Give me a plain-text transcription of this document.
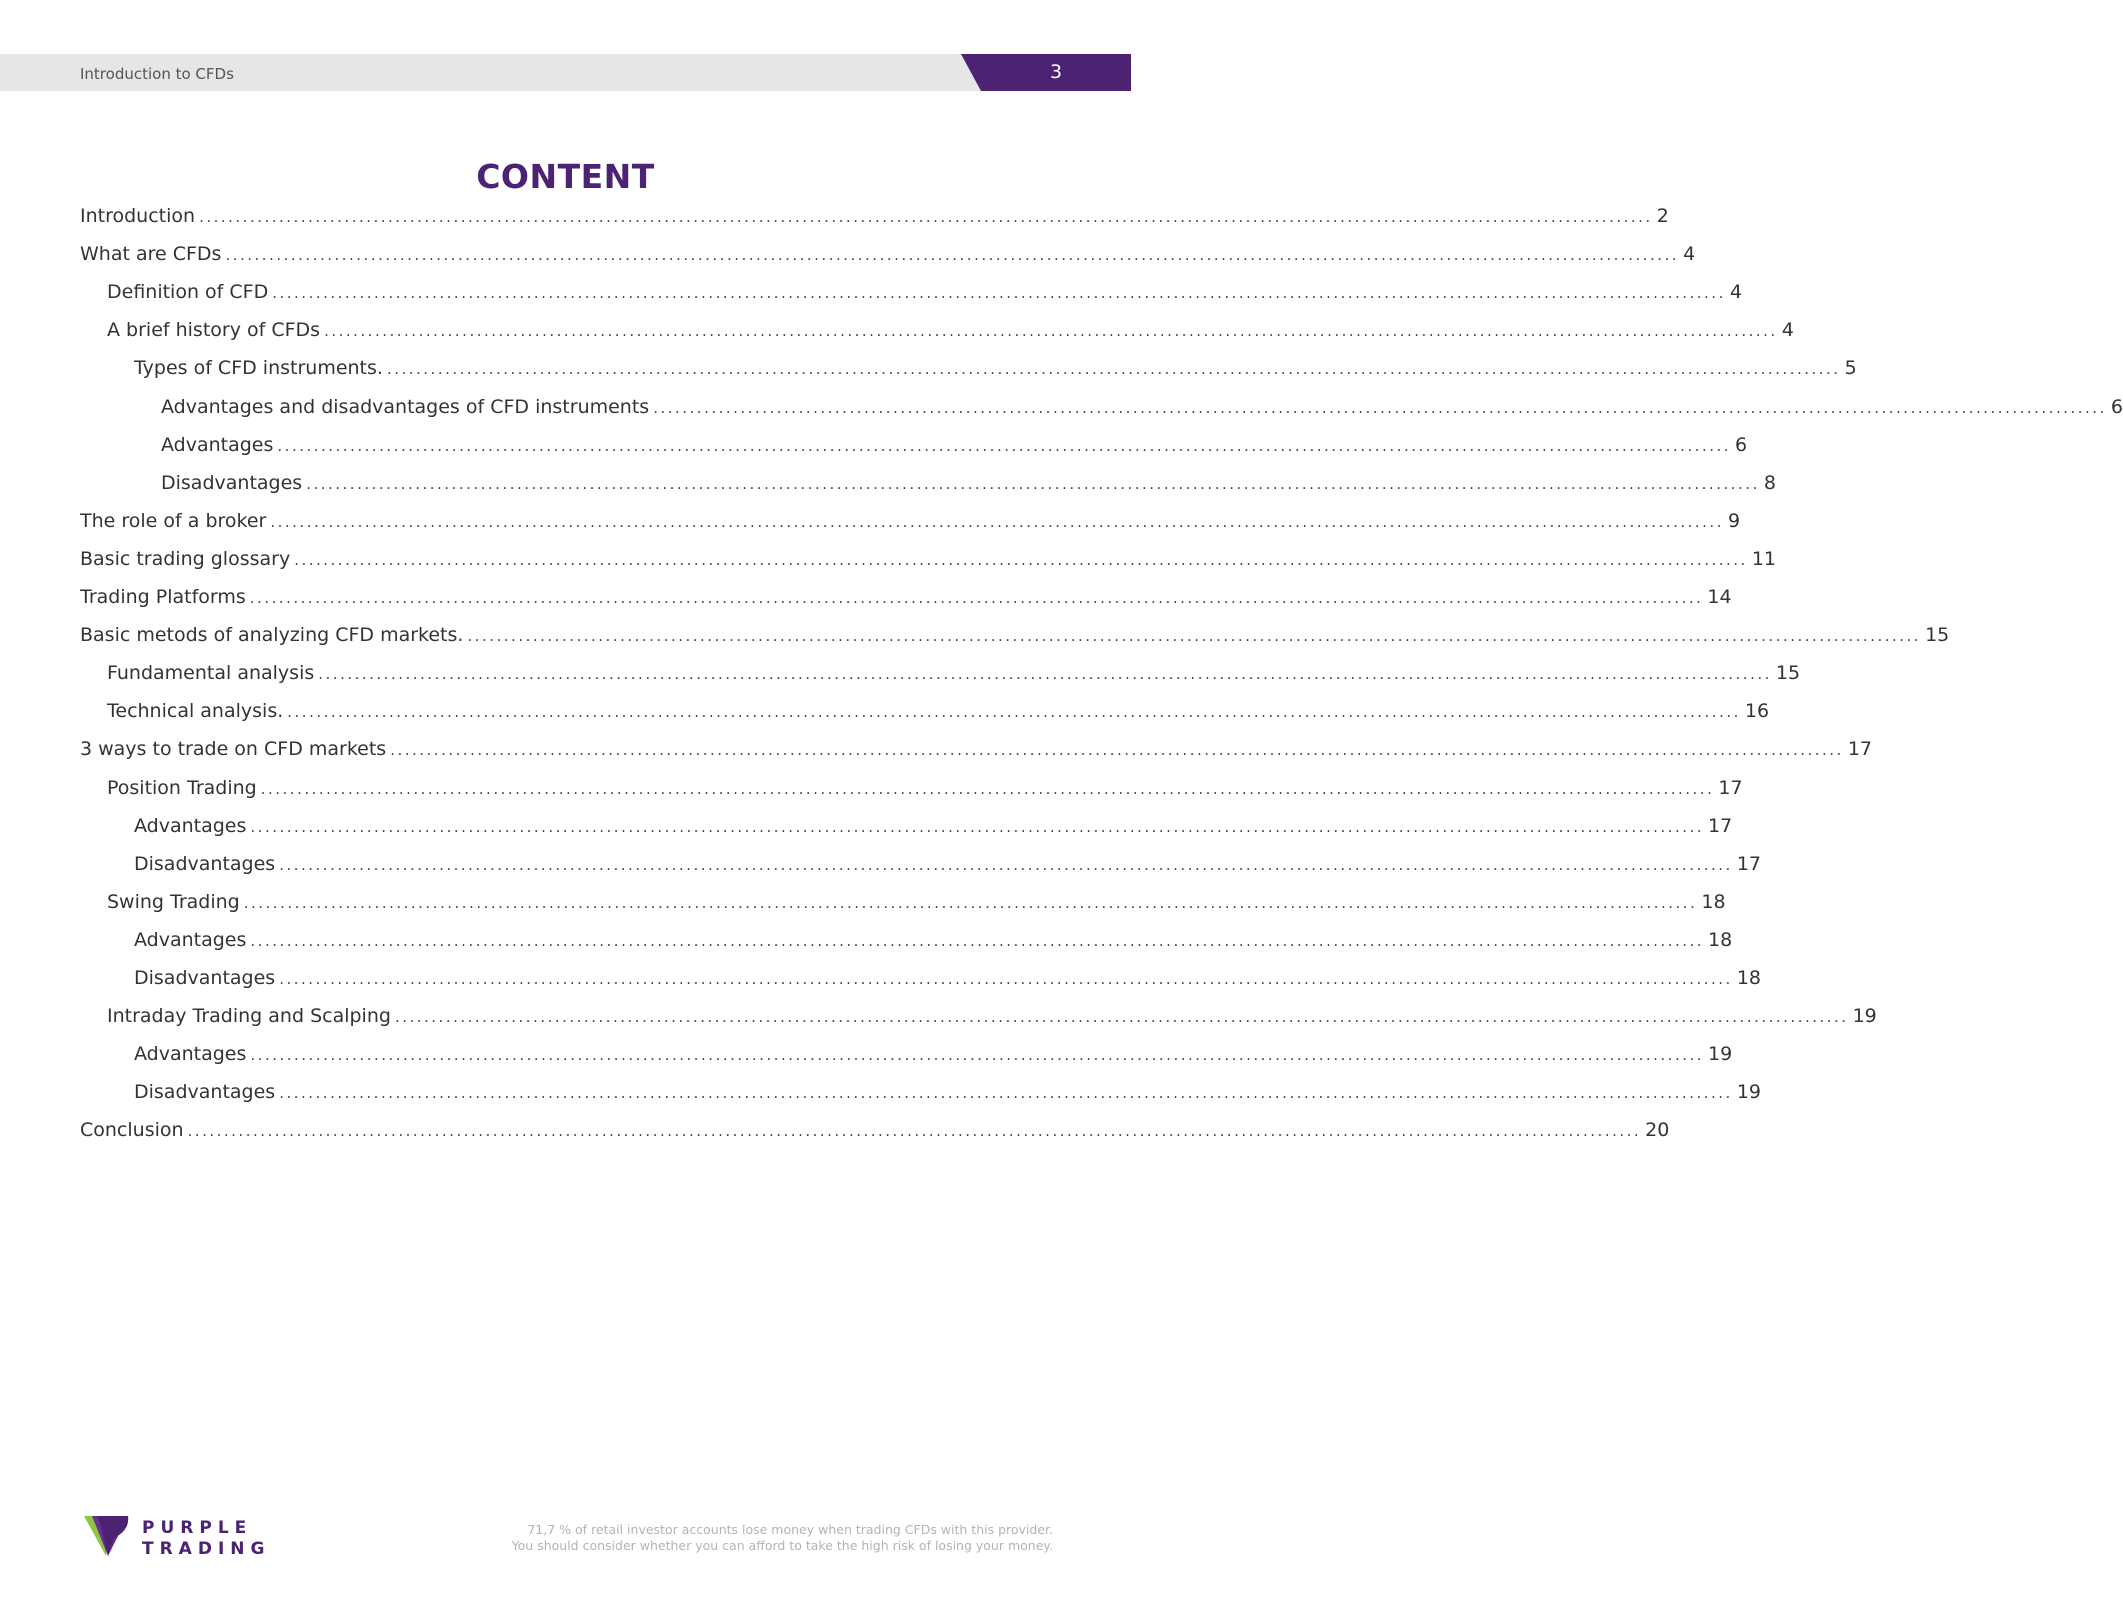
Introduction to CFDs	3
CONTENT
Introduction ........................................................................................................................................................................................................ 2
What are CFDs ........................................................................................................................................................................................................ 4
Definition of CFD ........................................................................................................................................................................................................ 4
A brief history of CFDs ........................................................................................................................................................................................................ 4
Types of CFD instruments. ........................................................................................................................................................................................................ 5
Advantages and disadvantages of CFD instruments ........................................................................................................................................................................................................ 6
Advantages ........................................................................................................................................................................................................ 6
Disadvantages ........................................................................................................................................................................................................ 8
The role of a broker ........................................................................................................................................................................................................ 9
Basic trading glossary ........................................................................................................................................................................................................ 11
Trading Platforms ........................................................................................................................................................................................................ 14
Basic metods of analyzing CFD markets. ........................................................................................................................................................................................................ 15
Fundamental analysis ........................................................................................................................................................................................................ 15
Technical analysis. ........................................................................................................................................................................................................ 16
3 ways to trade on CFD markets ........................................................................................................................................................................................................ 17
Position Trading ........................................................................................................................................................................................................ 17
Advantages ........................................................................................................................................................................................................ 17
Disadvantages ........................................................................................................................................................................................................ 17
Swing Trading ........................................................................................................................................................................................................ 18
Advantages ........................................................................................................................................................................................................ 18
Disadvantages ........................................................................................................................................................................................................ 18
Intraday Trading and Scalping ........................................................................................................................................................................................................ 19
Advantages ........................................................................................................................................................................................................ 19
Disadvantages ........................................................................................................................................................................................................ 19
Conclusion ........................................................................................................................................................................................................ 20
PURPLE
TRADING
71,7 % of retail investor accounts lose money when trading CFDs with this provider.
You should consider whether you can afford to take the high risk of losing your money.
